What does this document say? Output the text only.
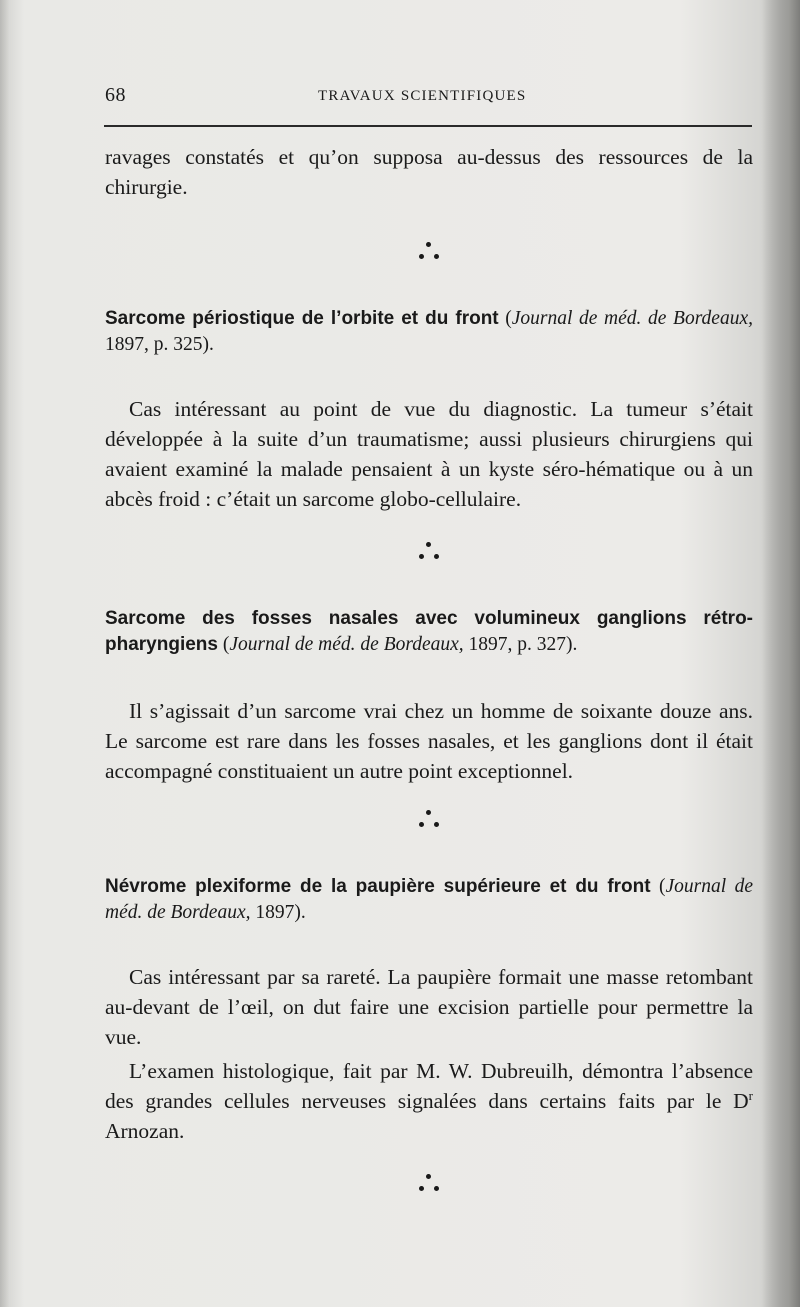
68	TRAVAUX SCIENTIFIQUES

ravages constatés et qu’on supposa au-dessus des ressources de la chirurgie.

Sarcome périostique de l’orbite et du front (Journal de méd. de Bordeaux, 1897, p. 325).

Cas intéressant au point de vue du diagnostic. La tumeur s’était développée à la suite d’un traumatisme; aussi plusieurs chirurgiens qui avaient examiné la malade pensaient à un kyste séro-hématique ou à un abcès froid : c’était un sarcome globo-cellulaire.

Sarcome des fosses nasales avec volumineux ganglions rétro-pharyngiens (Journal de méd. de Bordeaux, 1897, p. 327).

Il s’agissait d’un sarcome vrai chez un homme de soixante douze ans. Le sarcome est rare dans les fosses nasales, et les ganglions dont il était accompagné constituaient un autre point exceptionnel.

Névrome plexiforme de la paupière supérieure et du front (Journal de méd. de Bordeaux, 1897).

Cas intéressant par sa rareté. La paupière formait une masse retombant au-devant de l’œil, on dut faire une excision partielle pour permettre la vue.

L’examen histologique, fait par M. W. Dubreuilh, démontra l’absence des grandes cellules nerveuses signalées dans certains faits par le $D^r$ Arnozan.
